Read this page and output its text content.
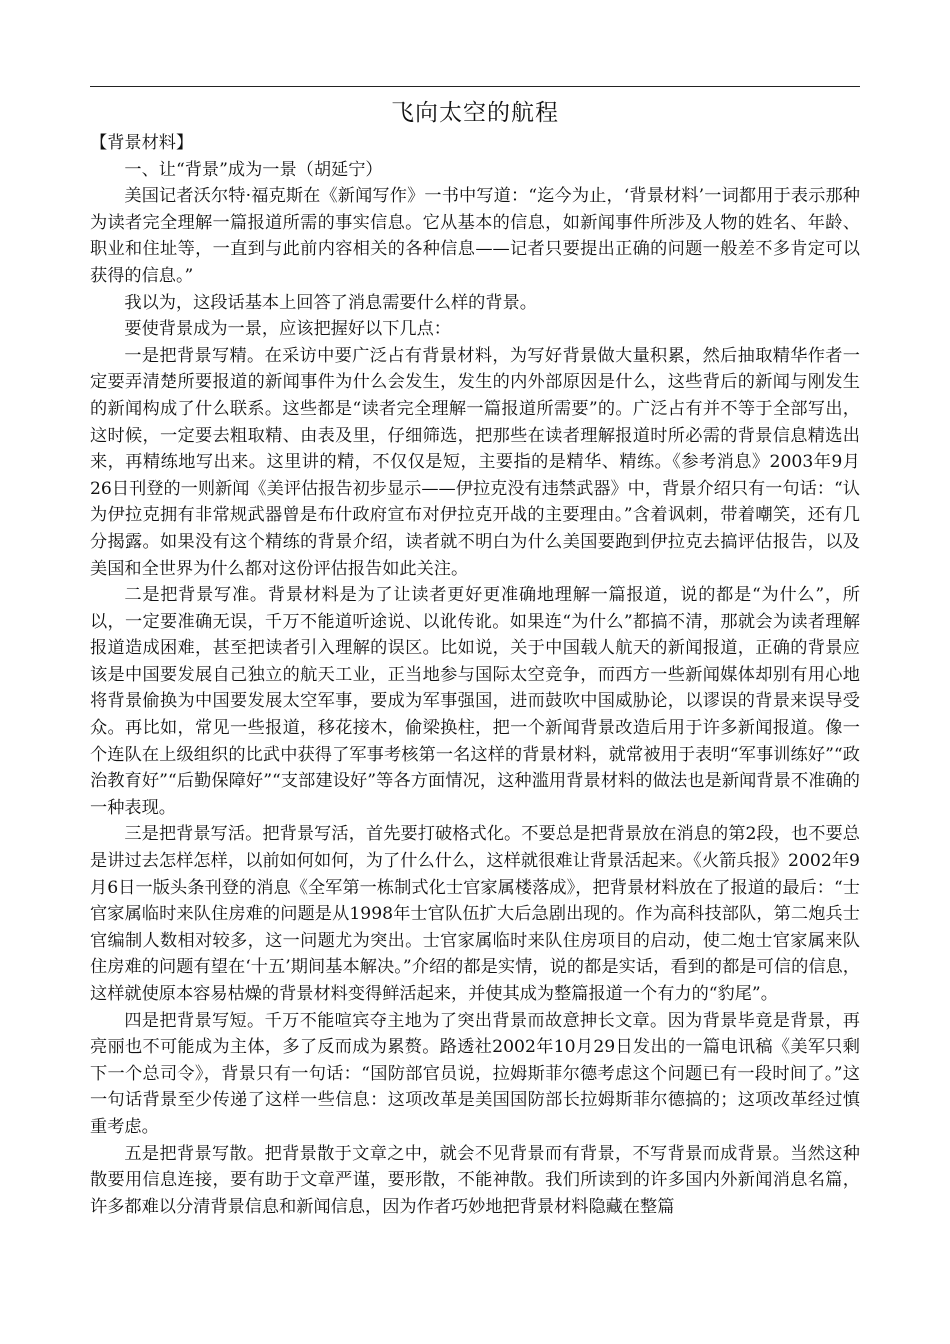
飞向太空的航程

【背景材料】

一、让“背景”成为一景（胡延宁）

美国记者沃尔特·福克斯在《新闻写作》一书中写道：“迄今为止，‘背景材料’一词都用于表示那种为读者完全理解一篇报道所需的事实信息。它从基本的信息，如新闻事件所涉及人物的姓名、年龄、职业和住址等，一直到与此前内容相关的各种信息——记者只要提出正确的问题一般差不多肯定可以获得的信息。”

我以为，这段话基本上回答了消息需要什么样的背景。

要使背景成为一景，应该把握好以下几点：

一是把背景写精。在采访中要广泛占有背景材料，为写好背景做大量积累，然后抽取精华作者一定要弄清楚所要报道的新闻事件为什么会发生，发生的内外部原因是什么，这些背后的新闻与刚发生的新闻构成了什么联系。这些都是“读者完全理解一篇报道所需要”的。广泛占有并不等于全部写出，这时候，一定要去粗取精、由表及里，仔细筛选，把那些在读者理解报道时所必需的背景信息精选出来，再精练地写出来。这里讲的精，不仅仅是短，主要指的是精华、精练。《参考消息》2003年9月26日刊登的一则新闻《美评估报告初步显示——伊拉克没有违禁武器》中，背景介绍只有一句话：“认为伊拉克拥有非常规武器曾是布什政府宣布对伊拉克开战的主要理由。”含着讽刺，带着嘲笑，还有几分揭露。如果没有这个精练的背景介绍，读者就不明白为什么美国要跑到伊拉克去搞评估报告，以及美国和全世界为什么都对这份评估报告如此关注。

二是把背景写准。背景材料是为了让读者更好更准确地理解一篇报道，说的都是“为什么”，所以，一定要准确无误，千万不能道听途说、以讹传讹。如果连“为什么”都搞不清，那就会为读者理解报道造成困难，甚至把读者引入理解的误区。比如说，关于中国载人航天的新闻报道，正确的背景应该是中国要发展自己独立的航天工业，正当地参与国际太空竞争，而西方一些新闻媒体却别有用心地将背景偷换为中国要发展太空军事，要成为军事强国，进而鼓吹中国威胁论，以谬误的背景来误导受众。再比如，常见一些报道，移花接木，偷梁换柱，把一个新闻背景改造后用于许多新闻报道。像一个连队在上级组织的比武中获得了军事考核第一名这样的背景材料，就常被用于表明“军事训练好”“政治教育好”“后勤保障好”“支部建设好”等各方面情况，这种滥用背景材料的做法也是新闻背景不准确的一种表现。

三是把背景写活。把背景写活，首先要打破格式化。不要总是把背景放在消息的第2段，也不要总是讲过去怎样怎样，以前如何如何，为了什么什么，这样就很难让背景活起来。《火箭兵报》2002年9月6日一版头条刊登的消息《全军第一栋制式化士官家属楼落成》，把背景材料放在了报道的最后：“士官家属临时来队住房难的问题是从1998年士官队伍扩大后急剧出现的。作为高科技部队，第二炮兵士官编制人数相对较多，这一问题尤为突出。士官家属临时来队住房项目的启动，使二炮士官家属来队住房难的问题有望在‘十五’期间基本解决。”介绍的都是实情，说的都是实话，看到的都是可信的信息，这样就使原本容易枯燥的背景材料变得鲜活起来，并使其成为整篇报道一个有力的“豹尾”。

四是把背景写短。千万不能喧宾夺主地为了突出背景而故意抻长文章。因为背景毕竟是背景，再亮丽也不可能成为主体，多了反而成为累赘。路透社2002年10月29日发出的一篇电讯稿《美军只剩下一个总司令》，背景只有一句话：“国防部官员说，拉姆斯菲尔德考虑这个问题已有一段时间了。”这一句话背景至少传递了这样一些信息：这项改革是美国国防部长拉姆斯菲尔德搞的；这项改革经过慎重考虑。

五是把背景写散。把背景散于文章之中，就会不见背景而有背景，不写背景而成背景。当然这种散要用信息连接，要有助于文章严谨，要形散，不能神散。我们所读到的许多国内外新闻消息名篇，许多都难以分清背景信息和新闻信息，因为作者巧妙地把背景材料隐藏在整篇
